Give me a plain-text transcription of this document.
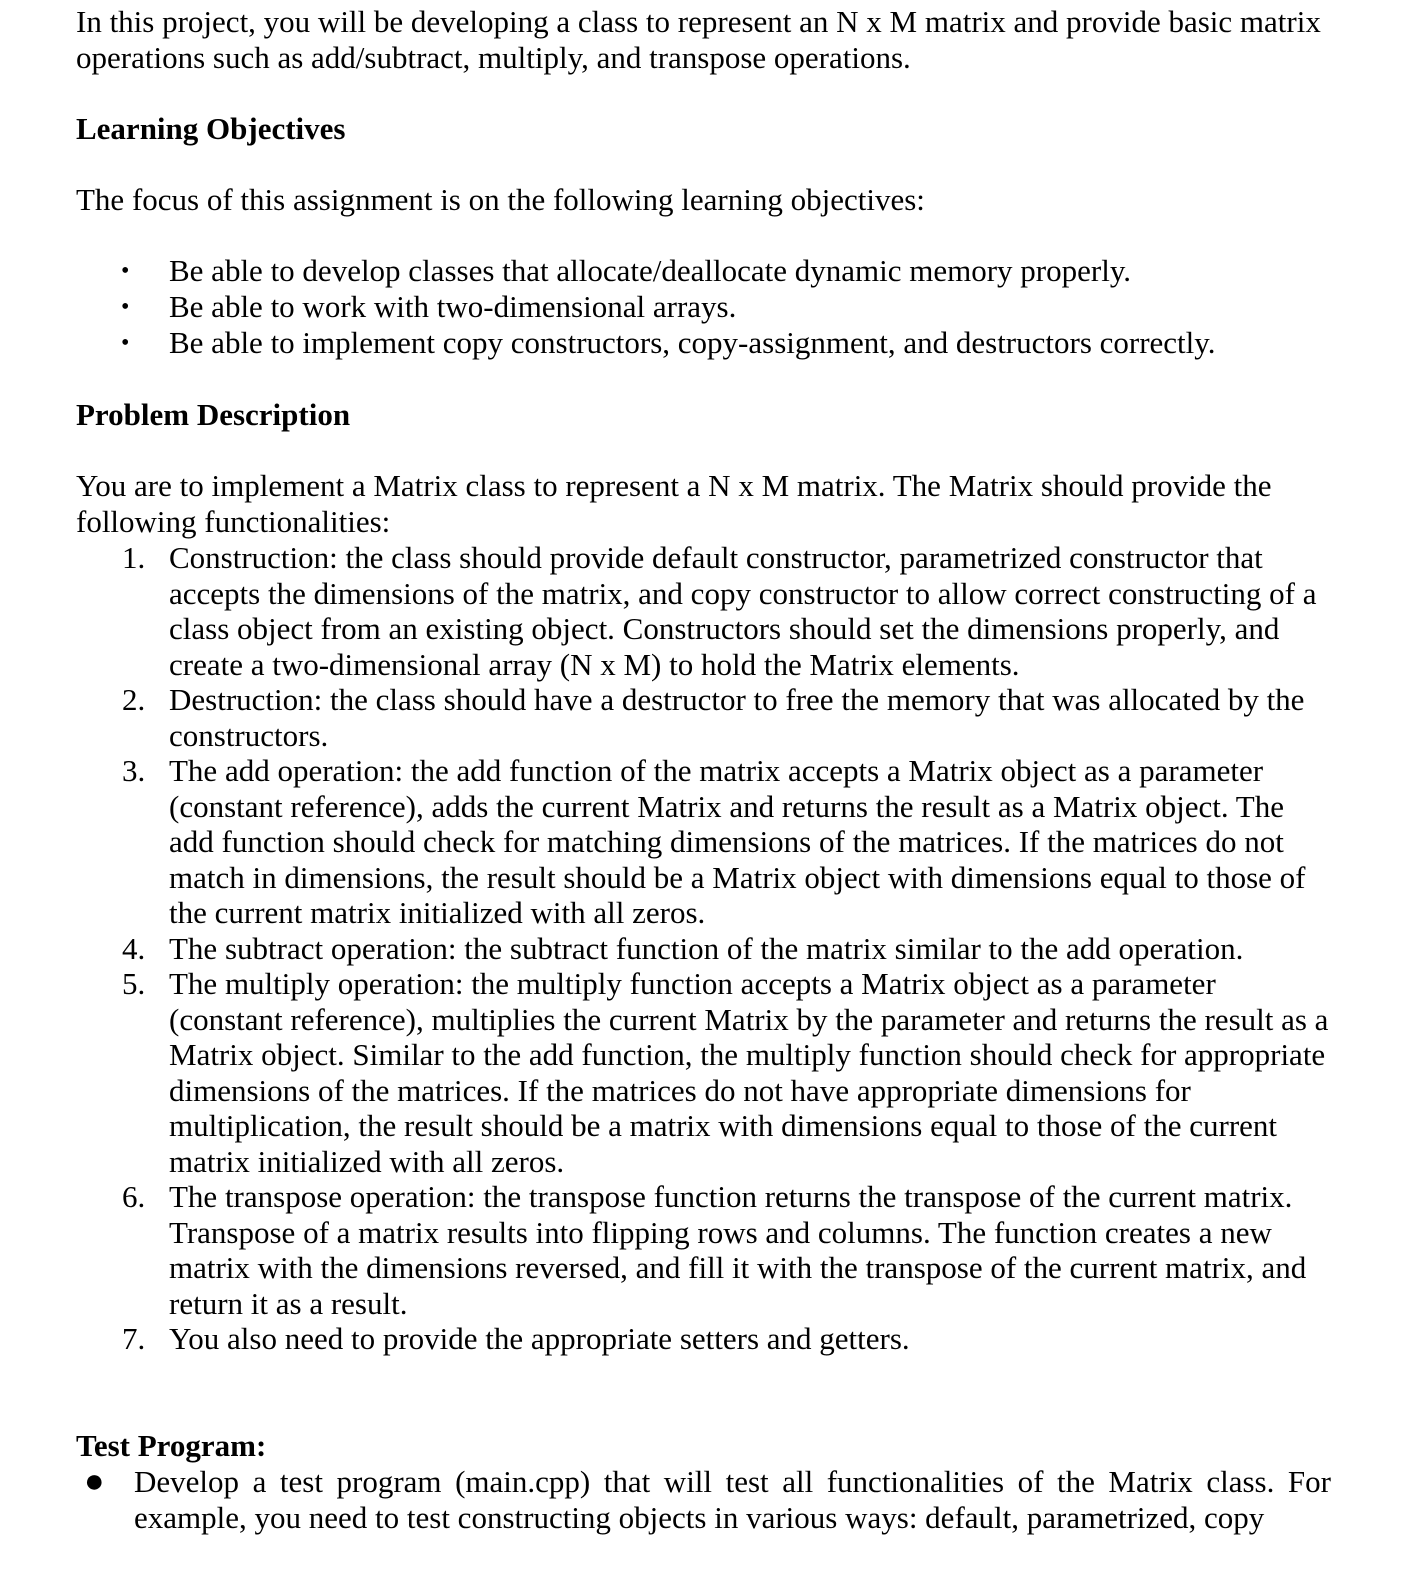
In this project, you will be developing a class to represent an N x M matrix and provide basic matrix operations such as add/subtract, multiply, and transpose operations.

Learning Objectives

The focus of this assignment is on the following learning objectives:

• Be able to develop classes that allocate/deallocate dynamic memory properly.
• Be able to work with two-dimensional arrays.
• Be able to implement copy constructors, copy-assignment, and destructors correctly.
Problem Description

You are to implement a Matrix class to represent a N x M matrix. The Matrix should provide the following functionalities:

1. Construction: the class should provide default constructor, parametrized constructor that accepts the dimensions of the matrix, and copy constructor to allow correct constructing of a class object from an existing object. Constructors should set the dimensions properly, and create a two-dimensional array (N x M) to hold the Matrix elements.
2. Destruction: the class should have a destructor to free the memory that was allocated by the constructors.
3. The add operation: the add function of the matrix accepts a Matrix object as a parameter (constant reference), adds the current Matrix and returns the result as a Matrix object. The add function should check for matching dimensions of the matrices. If the matrices do not match in dimensions, the result should be a Matrix object with dimensions equal to those of the current matrix initialized with all zeros.
4. The subtract operation: the subtract function of the matrix similar to the add operation.
5. The multiply operation: the multiply function accepts a Matrix object as a parameter (constant reference), multiplies the current Matrix by the parameter and returns the result as a Matrix object. Similar to the add function, the multiply function should check for appropriate dimensions of the matrices. If the matrices do not have appropriate dimensions for multiplication, the result should be a matrix with dimensions equal to those of the current matrix initialized with all zeros.
6. The transpose operation: the transpose function returns the transpose of the current matrix. Transpose of a matrix results into flipping rows and columns. The function creates a new matrix with the dimensions reversed, and fill it with the transpose of the current matrix, and return it as a result.
7. You also need to provide the appropriate setters and getters.
Test Program:
● Develop a test program (main.cpp) that will test all functionalities of the Matrix class. For example, you need to test constructing objects in various ways: default, parametrized, copy
